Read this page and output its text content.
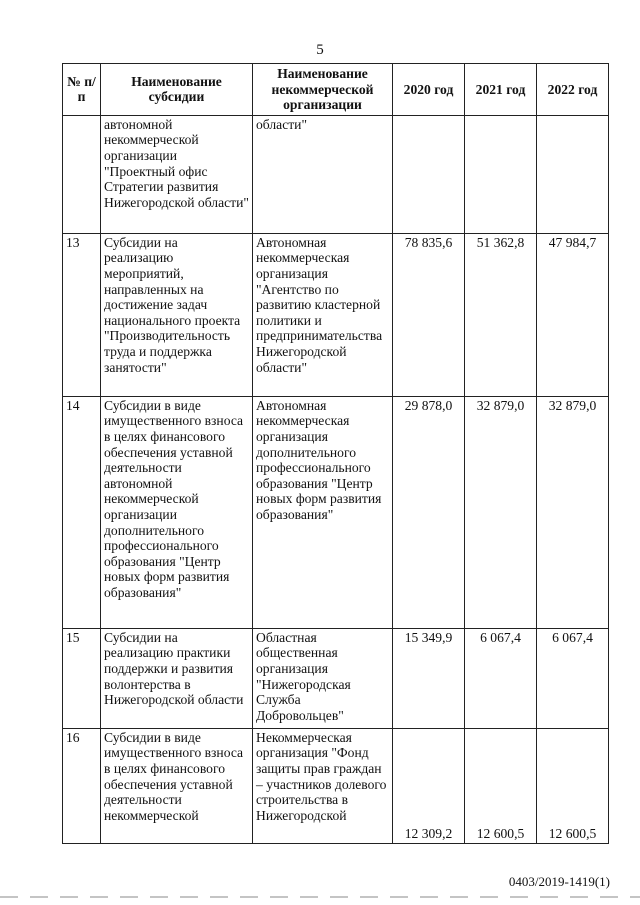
5
№ п/п	Наименование субсидии	Наименование некоммерческой организации	2020 год	2021 год	2022 год
	автономной некоммерческой организации "Проектный офис Стратегии развития Нижегородской области"	области"			
13	Субсидии на реализацию мероприятий, направленных на достижение задач национального проекта "Производительность труда и поддержка занятости"	Автономная некоммерческая организация "Агентство по развитию кластерной политики и предпринимательства Нижегородской области"	78 835,6	51 362,8	47 984,7
14	Субсидии в виде имущественного взноса в целях финансового обеспечения уставной деятельности автономной некоммерческой организации дополнительного профессионального образования "Центр новых форм развития образования"	Автономная некоммерческая организация дополнительного профессионального образования "Центр новых форм развития образования"	29 878,0	32 879,0	32 879,0
15	Субсидии на реализацию практики поддержки и развития волонтерства в Нижегородской области	Областная общественная организация "Нижегородская Служба Добровольцев"	15 349,9	6 067,4	6 067,4
16	Субсидии в виде имущественного взноса в целях финансового обеспечения уставной деятельности некоммерческой	Некоммерческая организация "Фонд защиты прав граждан – участников долевого строительства в Нижегородской	12 309,2	12 600,5	12 600,5
0403/2019-1419(1)
